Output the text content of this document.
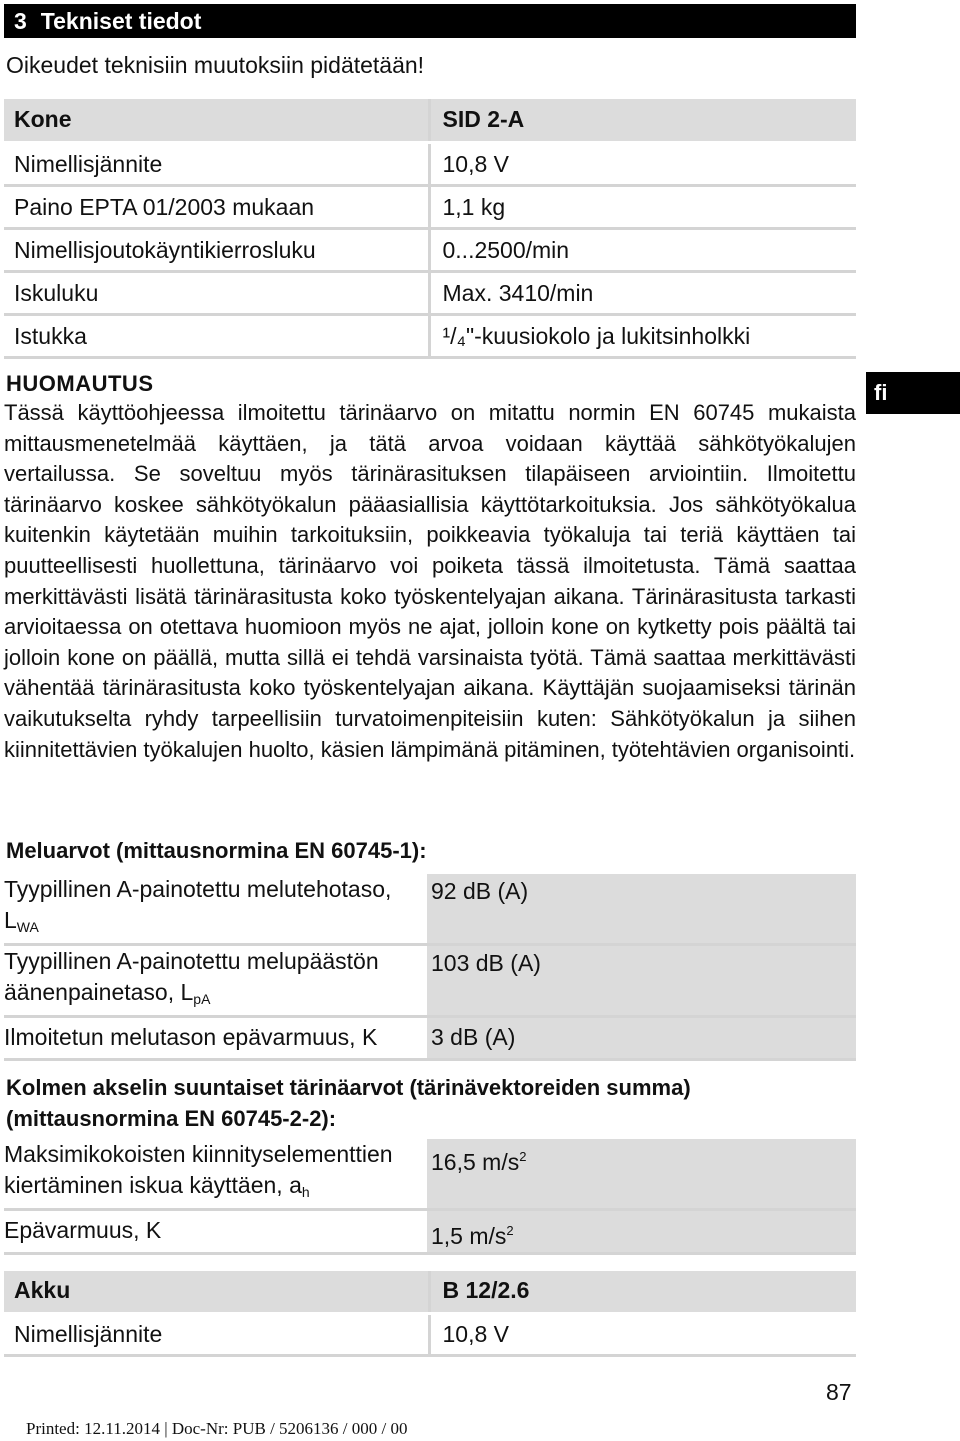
3 Tekniset tiedot
Oikeudet teknisiin muutoksiin pidätetään!
Kone	SID 2-A
Nimellisjännite	10,8 V
Paino EPTA 01/2003 mukaan	1,1 kg
Nimellisjoutokäyntikierrosluku	0...2500/min
Iskuluku	Max. 3410/min
Istukka	¹/₄"-kuusiokolo ja lukitsinholkki
HUOMAUTUS
Tässä käyttöohjeessa ilmoitettu tärinäarvo on mitattu normin EN 60745 mukaista mittausmenetelmää käyttäen, ja tätä arvoa voidaan käyttää sähkötyökalujen vertailussa. Se soveltuu myös tärinärasituksen tilapäiseen arviointiin. Ilmoitettu tärinäarvo koskee sähkötyökalun pääasiallisia käyttötarkoituksia. Jos sähkötyökalua kuitenkin käytetään muihin tarkoituksiin, poikkeavia työkaluja tai teriä käyttäen tai puutteellisesti huollettuna, tärinäarvo voi poiketa tässä ilmoitetusta. Tämä saattaa merkittävästi lisätä tärinärasitusta koko työskentelyajan aikana. Tärinärasitusta tarkasti arvioitaessa on otettava huomioon myös ne ajat, jolloin kone on kytketty pois päältä tai jolloin kone on päällä, mutta sillä ei tehdä varsinaista työtä. Tämä saattaa merkittävästi vähentää tärinärasitusta koko työskentelyajan aikana. Käyttäjän suojaamiseksi tärinän vaikutukselta ryhdy tarpeellisiin turvatoimenpiteisiin kuten: Sähkötyökalun ja siihen kiinnitettävien työkalujen huolto, käsien lämpimänä pitäminen, työtehtävien organisointi.
fi
Meluarvot (mittausnormina EN 60745-1):
Tyypillinen A-painotettu melutehotaso, $L_{WA}$	92 dB (A)
Tyypillinen A-painotettu melupäästön äänenpainetaso, $L_{pA}$	103 dB (A)
Ilmoitetun melutason epävarmuus, K	3 dB (A)
Kolmen akselin suuntaiset tärinäarvot (tärinävektoreiden summa) (mittausnormina EN 60745-2-2):
Maksimikokoisten kiinnityselementtien kiertäminen iskua käyttäen, $a_h$	16,5 $m/s^2$
Epävarmuus, K	1,5 $m/s^2$
Akku	B 12/2.6
Nimellisjännite	10,8 V
87
Printed: 12.11.2014 | Doc-Nr: PUB / 5206136 / 000 / 00
